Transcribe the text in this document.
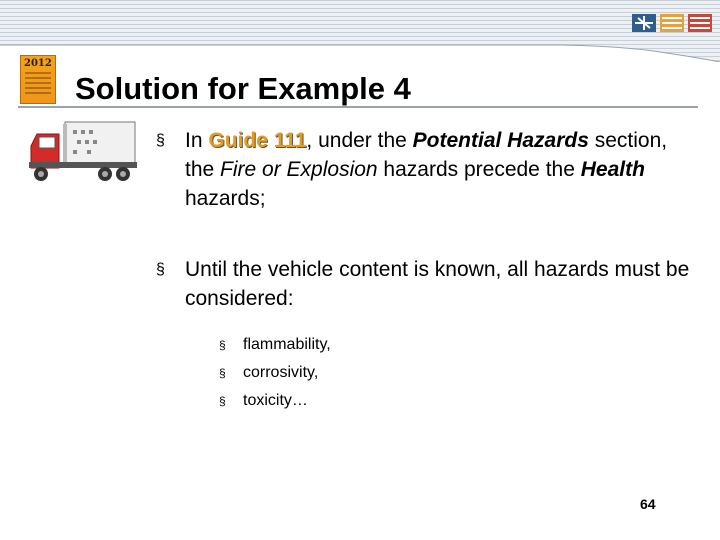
2012
Solution for Example 4
§ In Guide 111, under the Potential Hazards section, the Fire or Explosion hazards precede the Health hazards;
§ Until the vehicle content is known, all hazards must be considered:
§ flammability,
§ corrosivity,
§ toxicity…
64
